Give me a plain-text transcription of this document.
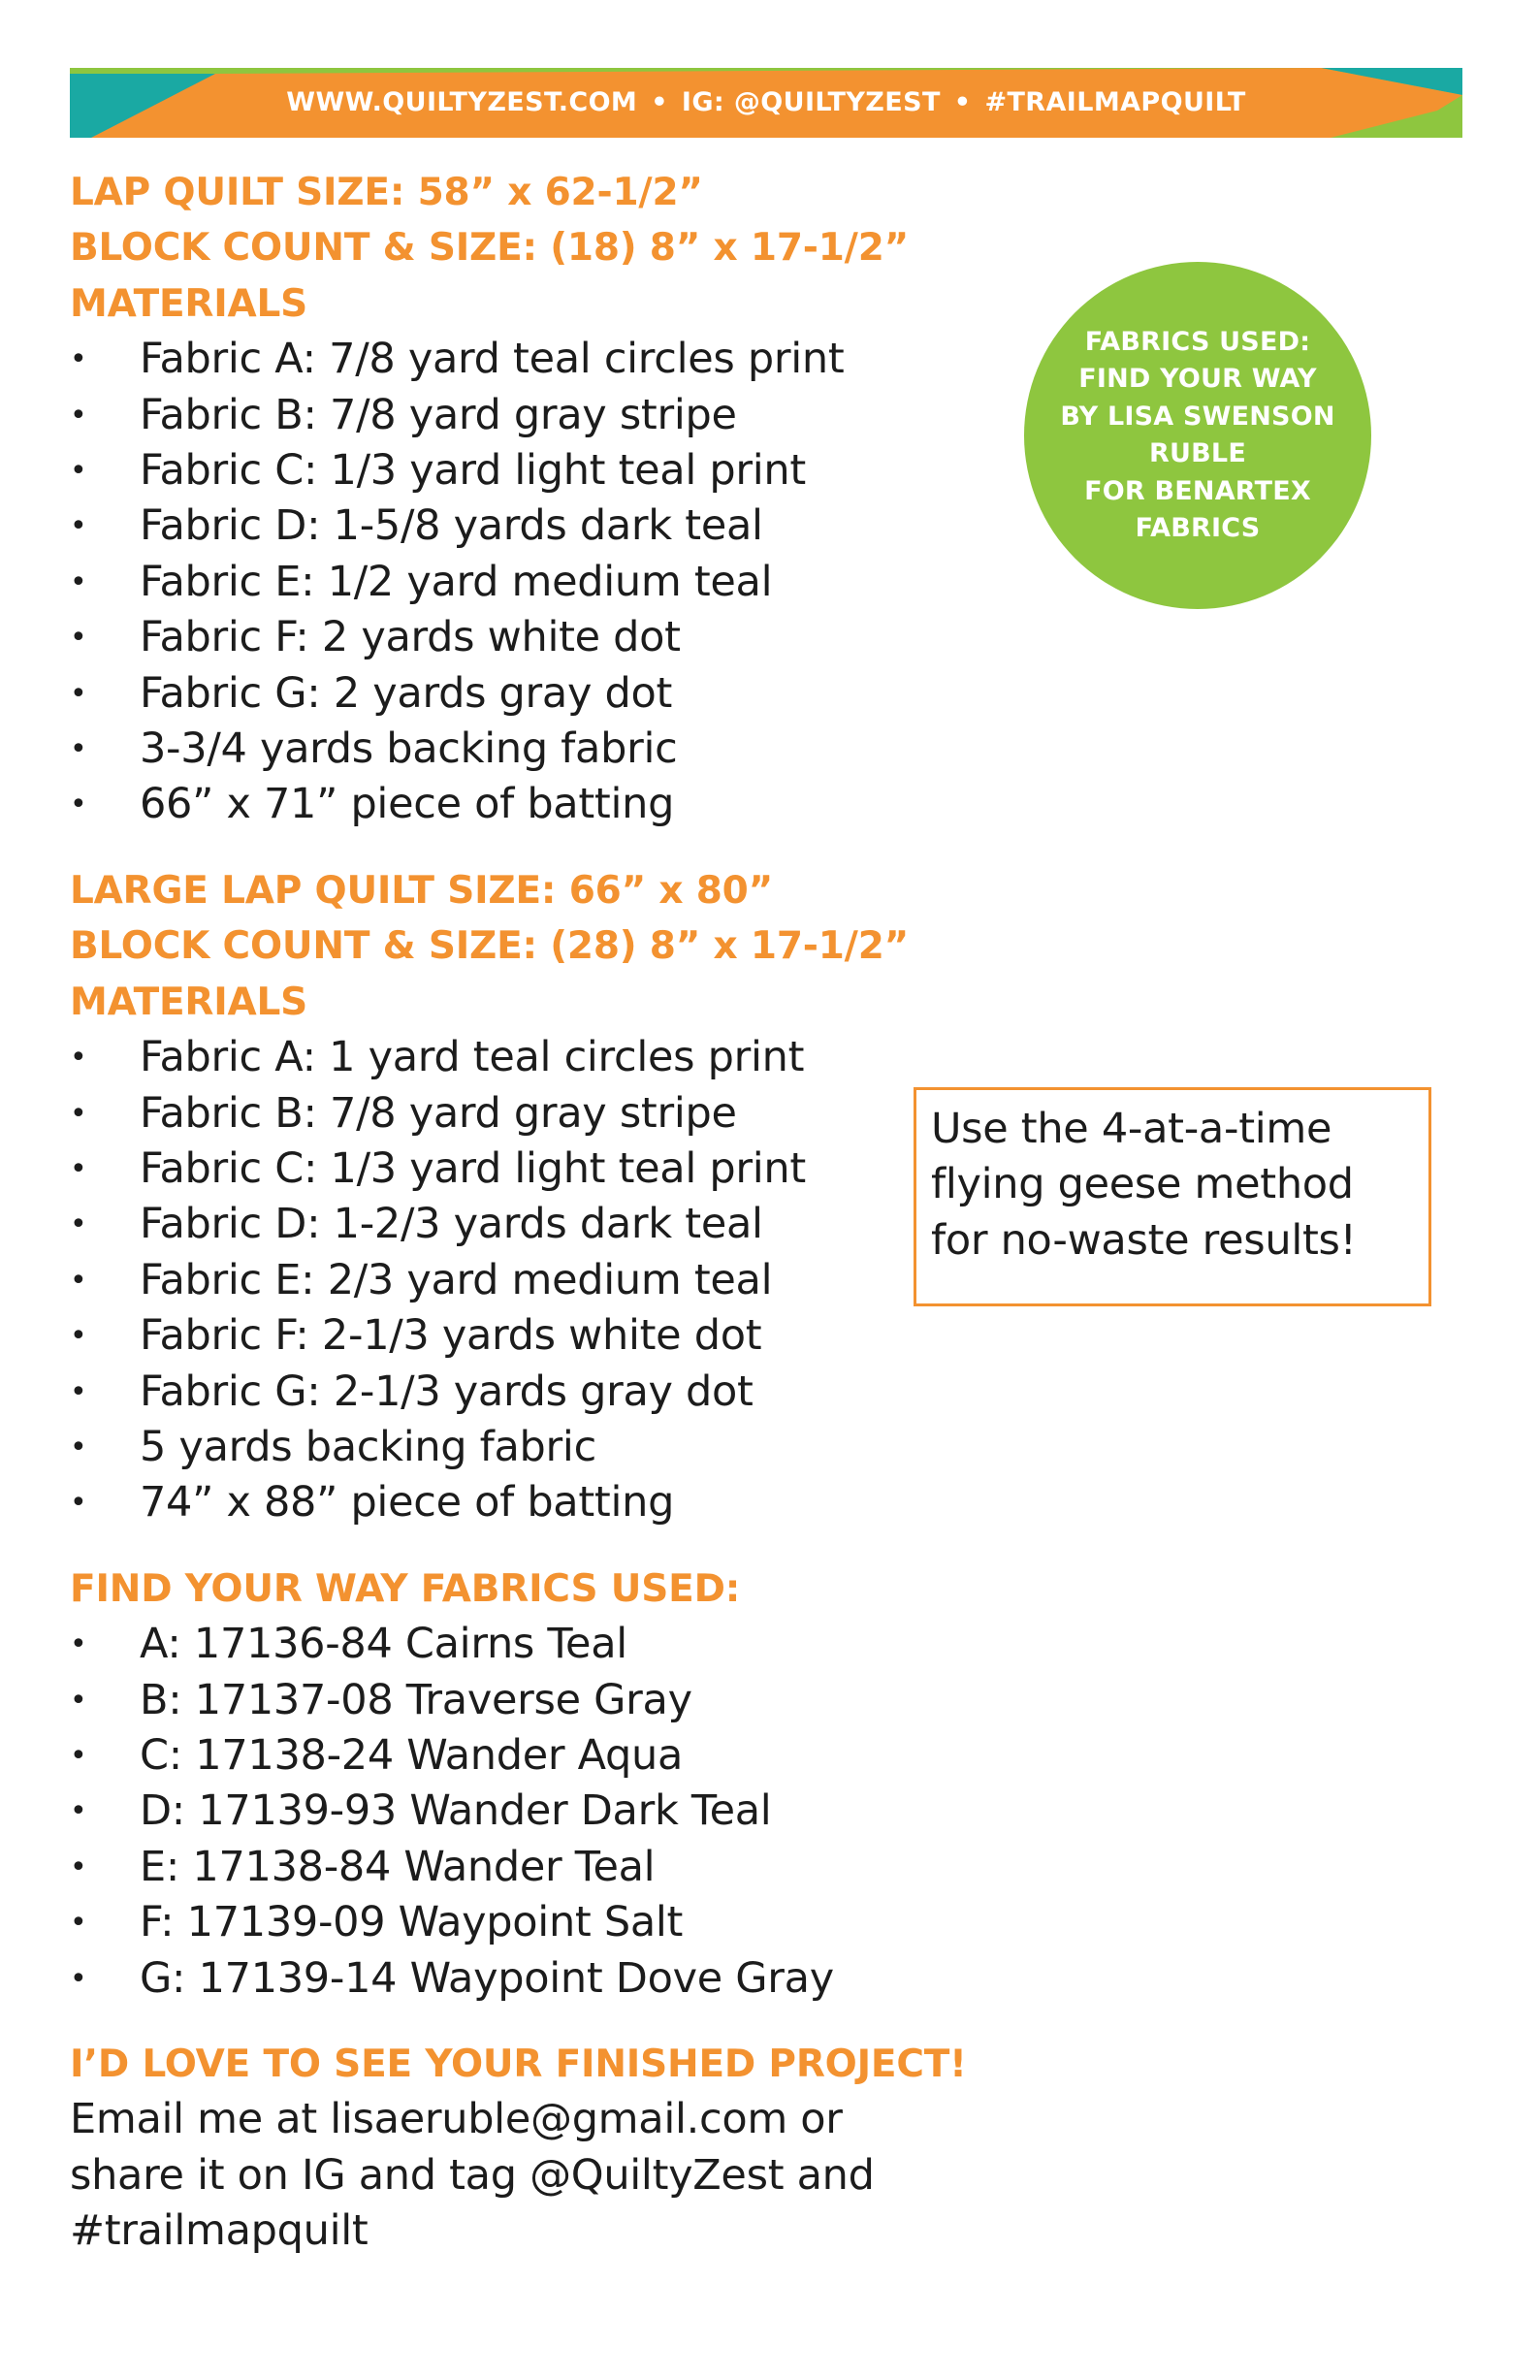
WWW.QUILTYZEST.COM • IG: @QUILTYZEST • #TRAILMAPQUILT

LAP QUILT SIZE: 58” x 62-1/2”

BLOCK COUNT & SIZE: (18) 8” x 17-1/2”

MATERIALS

• Fabric A: 7/8 yard teal circles print
• Fabric B: 7/8 yard gray stripe
• Fabric C: 1/3 yard light teal print
• Fabric D: 1-5/8 yards dark teal
• Fabric E: 1/2 yard medium teal
• Fabric F: 2 yards white dot
• Fabric G: 2 yards gray dot
• 3-3/4 yards backing fabric
• 66” x 71” piece of batting

LARGE LAP QUILT SIZE: 66” x 80”

BLOCK COUNT & SIZE: (28) 8” x 17-1/2”

MATERIALS

• Fabric A: 1 yard teal circles print
• Fabric B: 7/8 yard gray stripe
• Fabric C: 1/3 yard light teal print
• Fabric D: 1-2/3 yards dark teal
• Fabric E: 2/3 yard medium teal
• Fabric F: 2-1/3 yards white dot
• Fabric G: 2-1/3 yards gray dot
• 5 yards backing fabric
• 74” x 88” piece of batting

FIND YOUR WAY FABRICS USED:

• A: 17136-84 Cairns Teal
• B: 17137-08 Traverse Gray
• C: 17138-24 Wander Aqua
• D: 17139-93 Wander Dark Teal
• E: 17138-84 Wander Teal
• F: 17139-09 Waypoint Salt
• G: 17139-14 Waypoint Dove Gray

I’D LOVE TO SEE YOUR FINISHED PROJECT!

Email me at lisaeruble@gmail.com or
share it on IG and tag @QuiltyZest and
#trailmapquilt
FABRICS USED:
FIND YOUR WAY
BY LISA SWENSON
RUBLE
FOR BENARTEX
FABRICS
Use the 4-at-a-time
flying geese method
for no-waste results!
